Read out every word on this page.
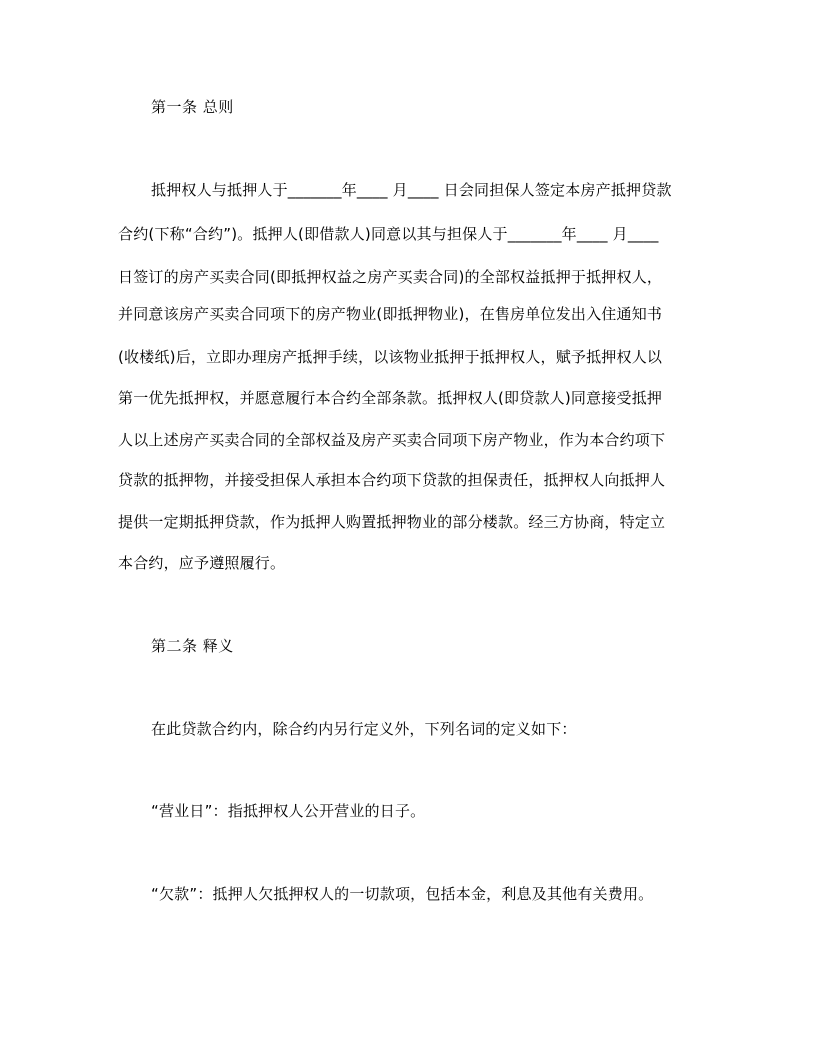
第一条 总则
抵押权人与抵押人于_______年____ 月____ 日会同担保人签定本房产抵押贷款
合约(下称“合约”)。抵押人(即借款人)同意以其与担保人于_______年____ 月____
日签订的房产买卖合同(即抵押权益之房产买卖合同)的全部权益抵押于抵押权人，
并同意该房产买卖合同项下的房产物业(即抵押物业)，在售房单位发出入住通知书
(收楼纸)后，立即办理房产抵押手续，以该物业抵押于抵押权人，赋予抵押权人以
第一优先抵押权，并愿意履行本合约全部条款。抵押权人(即贷款人)同意接受抵押
人以上述房产买卖合同的全部权益及房产买卖合同项下房产物业，作为本合约项下
贷款的抵押物，并接受担保人承担本合约项下贷款的担保责任，抵押权人向抵押人
提供一定期抵押贷款，作为抵押人购置抵押物业的部分楼款。经三方协商，特定立
本合约，应予遵照履行。
第二条 释义
在此贷款合约内，除合约内另行定义外，下列名词的定义如下：
“营业日”：指抵押权人公开营业的日子。
“欠款”：抵押人欠抵押权人的一切款项，包括本金，利息及其他有关费用。
